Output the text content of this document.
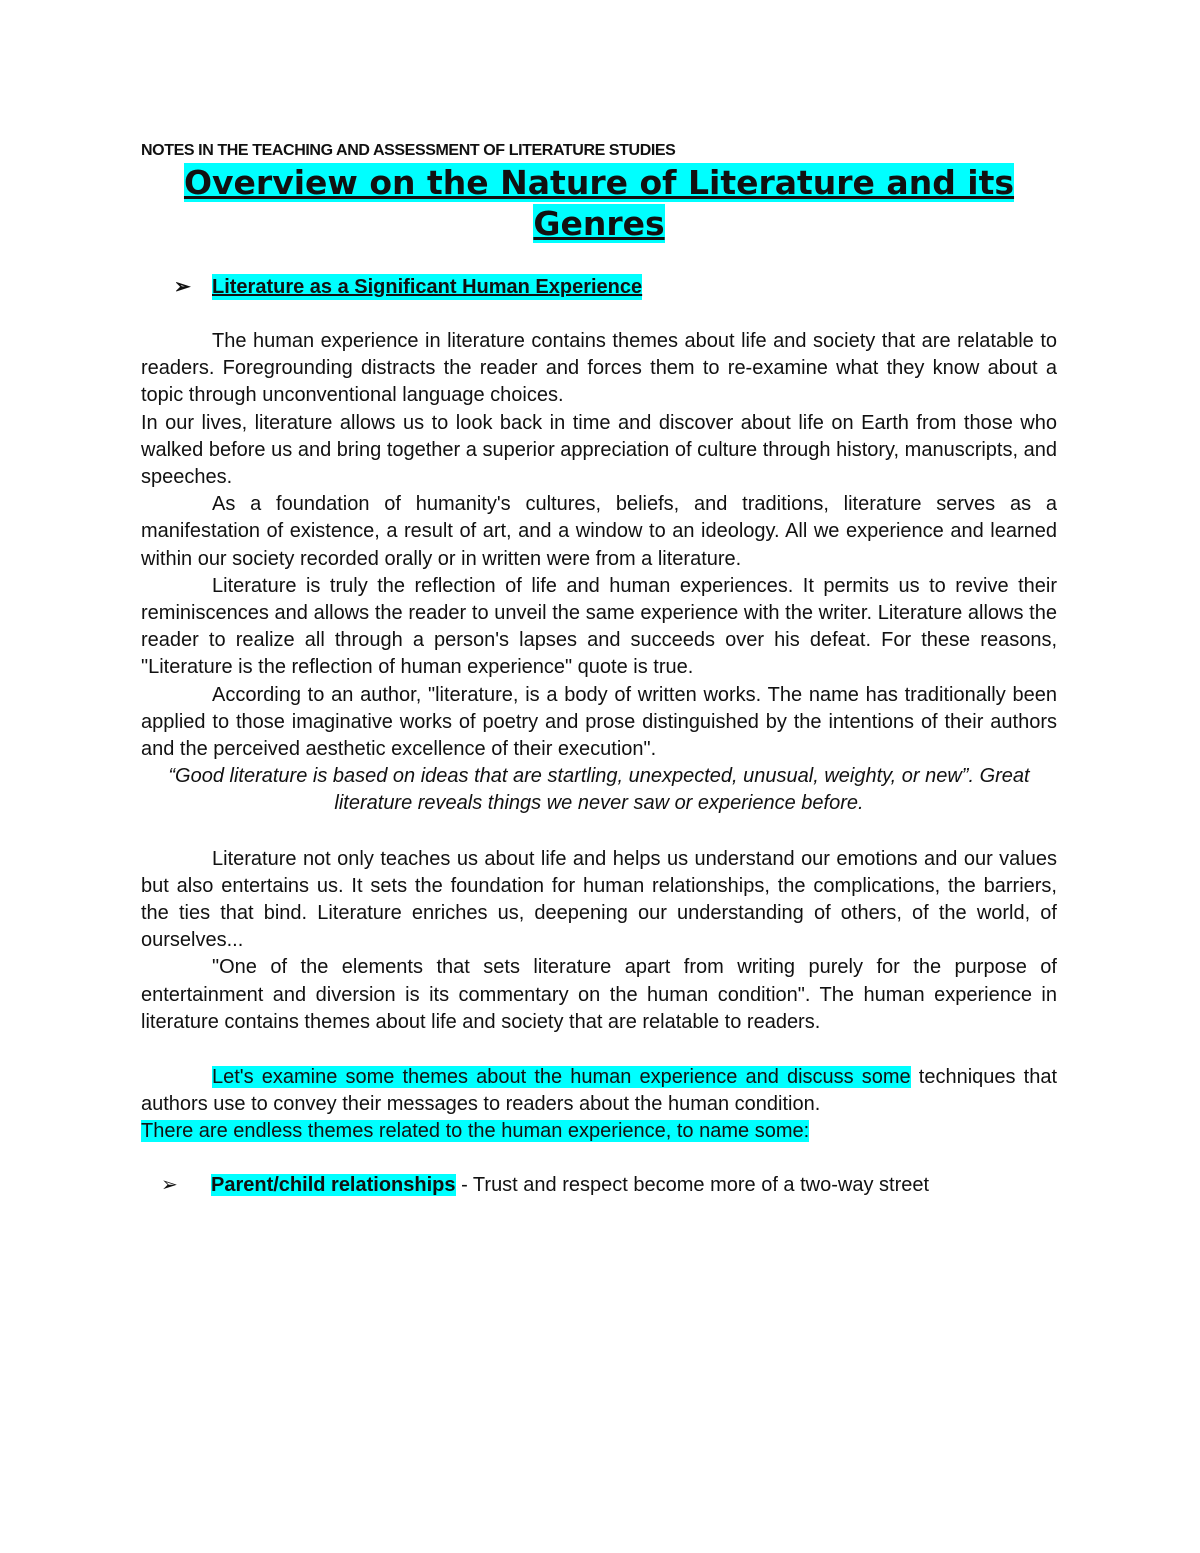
NOTES IN THE TEACHING AND ASSESSMENT OF LITERATURE STUDIES

Overview on the Nature of Literature and its Genres
➢	Literature as a Significant Human Experience

The human experience in literature contains themes about life and society that are relatable to readers. Foregrounding distracts the reader and forces them to re-examine what they know about a topic through unconventional language choices.

In our lives, literature allows us to look back in time and discover about life on Earth from those who walked before us and bring together a superior appreciation of culture through history, manuscripts, and speeches.

As a foundation of humanity's cultures, beliefs, and traditions, literature serves as a manifestation of existence, a result of art, and a window to an ideology. All we experience and learned within our society recorded orally or in written were from a literature.

Literature is truly the reflection of life and human experiences. It permits us to revive their reminiscences and allows the reader to unveil the same experience with the writer. Literature allows the reader to realize all through a person's lapses and succeeds over his defeat. For these reasons, "Literature is the reflection of human experience" quote is true.

According to an author, "literature, is a body of written works. The name has traditionally been applied to those imaginative works of poetry and prose distinguished by the intentions of their authors and the perceived aesthetic excellence of their execution".

“Good literature is based on ideas that are startling, unexpected, unusual, weighty, or new”. Great literature reveals things we never saw or experience before.

Literature not only teaches us about life and helps us understand our emotions and our values but also entertains us. It sets the foundation for human relationships, the complications, the barriers, the ties that bind. Literature enriches us, deepening our understanding of others, of the world, of ourselves...

"One of the elements that sets literature apart from writing purely for the purpose of entertainment and diversion is its commentary on the human condition". The human experience in literature contains themes about life and society that are relatable to readers.

Let's examine some themes about the human experience and discuss some techniques that authors use to convey their messages to readers about the human condition.

There are endless themes related to the human experience, to name some:

➢	Parent/child relationships - Trust and respect become more of a two-way street
